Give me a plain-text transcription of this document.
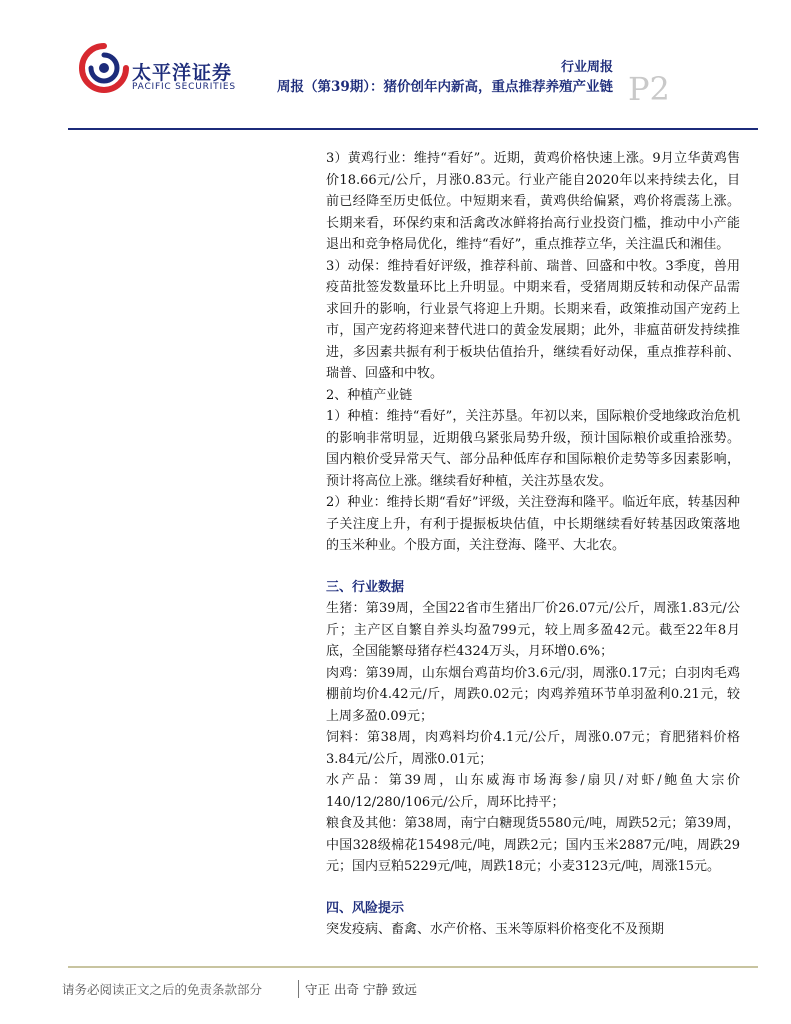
太平洋证券
PACIFIC SECURITIES
行业周报
周报（第39期）：猪价创年内新高，重点推荐养殖产业链 P2

3）黄鸡行业：维持“看好”。近期，黄鸡价格快速上涨。9月立华黄鸡售价18.66元/公斤，月涨0.83元。行业产能自2020年以来持续去化，目前已经降至历史低位。中短期来看，黄鸡供给偏紧，鸡价将震荡上涨。长期来看，环保约束和活禽改冰鲜将抬高行业投资门槛，推动中小产能退出和竞争格局优化，维持“看好”，重点推荐立华，关注温氏和湘佳。

3）动保：维持看好评级，推荐科前、瑞普、回盛和中牧。3季度，兽用疫苗批签发数量环比上升明显。中期来看，受猪周期反转和动保产品需求回升的影响，行业景气将迎上升期。长期来看，政策推动国产宠药上市，国产宠药将迎来替代进口的黄金发展期；此外，非瘟苗研发持续推进，多因素共振有利于板块估值抬升，继续看好动保，重点推荐科前、瑞普、回盛和中牧。

2、种植产业链

1）种植：维持“看好”，关注苏垦。年初以来，国际粮价受地缘政治危机的影响非常明显，近期俄乌紧张局势升级，预计国际粮价或重拾涨势。国内粮价受异常天气、部分品种低库存和国际粮价走势等多因素影响，预计将高位上涨。继续看好种植，关注苏垦农发。

2）种业：维持长期“看好”评级，关注登海和隆平。临近年底，转基因种子关注度上升，有利于提振板块估值，中长期继续看好转基因政策落地的玉米种业。个股方面，关注登海、隆平、大北农。

三、行业数据

生猪：第39周，全国22省市生猪出厂价26.07元/公斤，周涨1.83元/公斤；主产区自繁自养头均盈799元，较上周多盈42元。截至22年8月底，全国能繁母猪存栏4324万头，月环增0.6%；

肉鸡：第39周，山东烟台鸡苗均价3.6元/羽，周涨0.17元；白羽肉毛鸡棚前均价4.42元/斤，周跌0.02元；肉鸡养殖环节单羽盈利0.21元，较上周多盈0.09元；

饲料：第38周，肉鸡料均价4.1元/公斤，周涨0.07元；育肥猪料价格3.84元/公斤，周涨0.01元；

水产品：第39周，山东威海市场海参/扇贝/对虾/鲍鱼大宗价140/12/280/106元/公斤，周环比持平；

粮食及其他：第38周，南宁白糖现货5580元/吨，周跌52元；第39周，中国328级棉花15498元/吨，周跌2元；国内玉米2887元/吨，周跌29元；国内豆粕5229元/吨，周跌18元；小麦3123元/吨，周涨15元。

四、风险提示

突发疫病、畜禽、水产价格、玉米等原料价格变化不及预期

请务必阅读正文之后的免责条款部分	守正 出奇 宁静 致远
